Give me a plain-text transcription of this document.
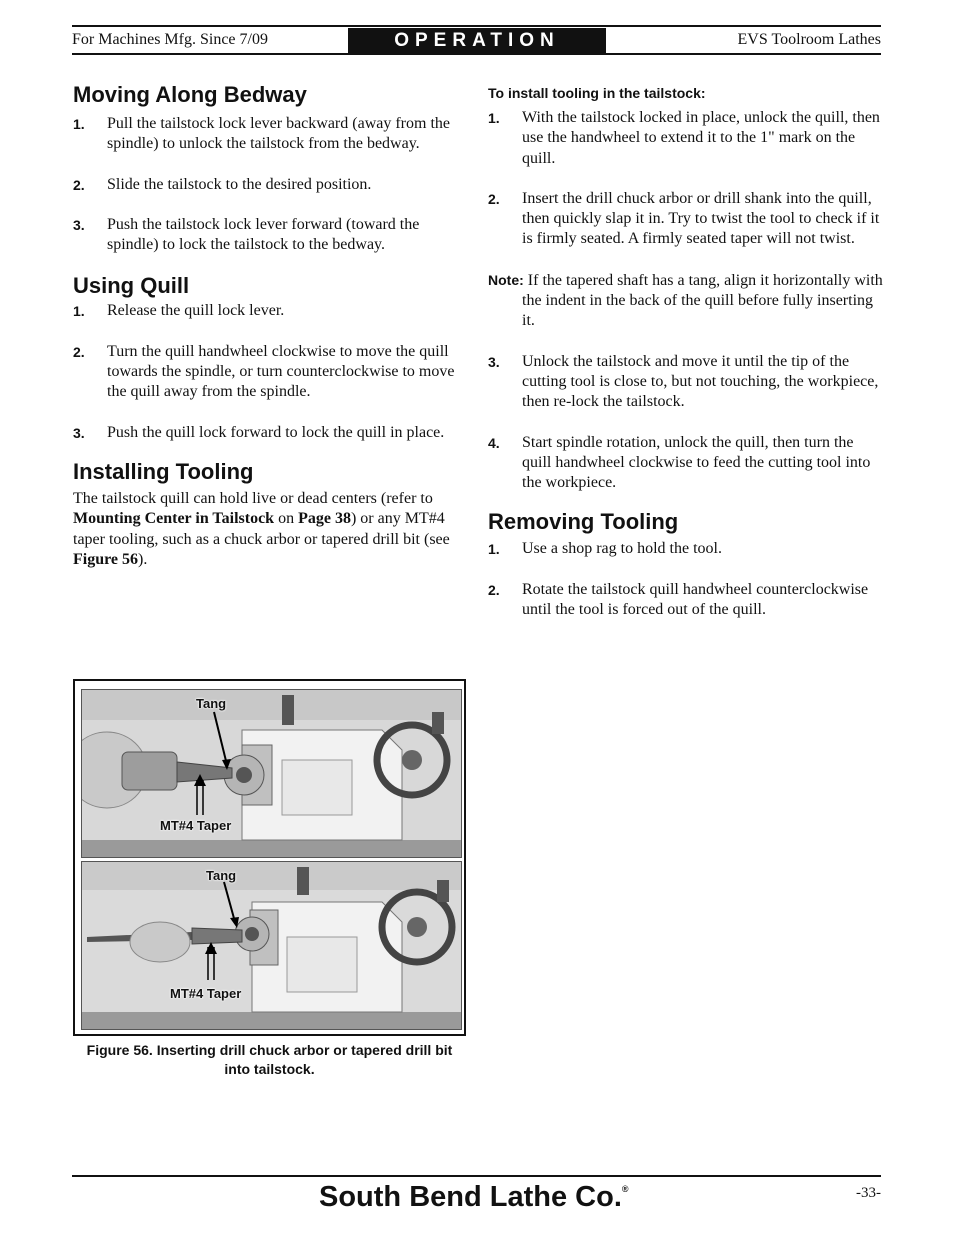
For Machines Mfg. Since 7/09	OPERATION	EVS Toolroom Lathes
Moving Along Bedway
1.	Pull the tailstock lock lever backward (away from the spindle) to unlock the tailstock from the bedway.
2.	Slide the tailstock to the desired position.
3.	Push the tailstock lock lever forward (toward the spindle) to lock the tailstock to the bedway.
Using Quill
1.	Release the quill lock lever.
2.	Turn the quill handwheel clockwise to move the quill towards the spindle, or turn counterclockwise to move the quill away from the spindle.
3.	Push the quill lock forward to lock the quill in place.
Installing Tooling

The tailstock quill can hold live or dead centers (refer to Mounting Center in Tailstock on Page 38) or any MT#4 taper tooling, such as a chuck arbor or tapered drill bit (see Figure 56).

Tang
MT#4 Taper
Tang
MT#4 Taper
Figure 56. Inserting drill chuck arbor or tapered drill bit into tailstock.
To install tooling in the tailstock:
1.	With the tailstock locked in place, unlock the quill, then use the handwheel to extend it to the 1" mark on the quill.
2.	Insert the drill chuck arbor or drill shank into the quill, then quickly slap it in. Try to twist the tool to check if it is firmly seated. A firmly seated taper will not twist.

Note: If the tapered shaft has a tang, align it horizontally with the indent in the back of the quill before fully inserting it.

3.	Unlock the tailstock and move it until the tip of the cutting tool is close to, but not touching, the workpiece, then re-lock the tailstock.
4.	Start spindle rotation, unlock the quill, then turn the quill handwheel clockwise to feed the cutting tool into the workpiece.
Removing Tooling
1.	Use a shop rag to hold the tool.
2.	Rotate the tailstock quill handwheel counterclockwise until the tool is forced out of the quill.
South Bend Lathe Co.®	-33-
